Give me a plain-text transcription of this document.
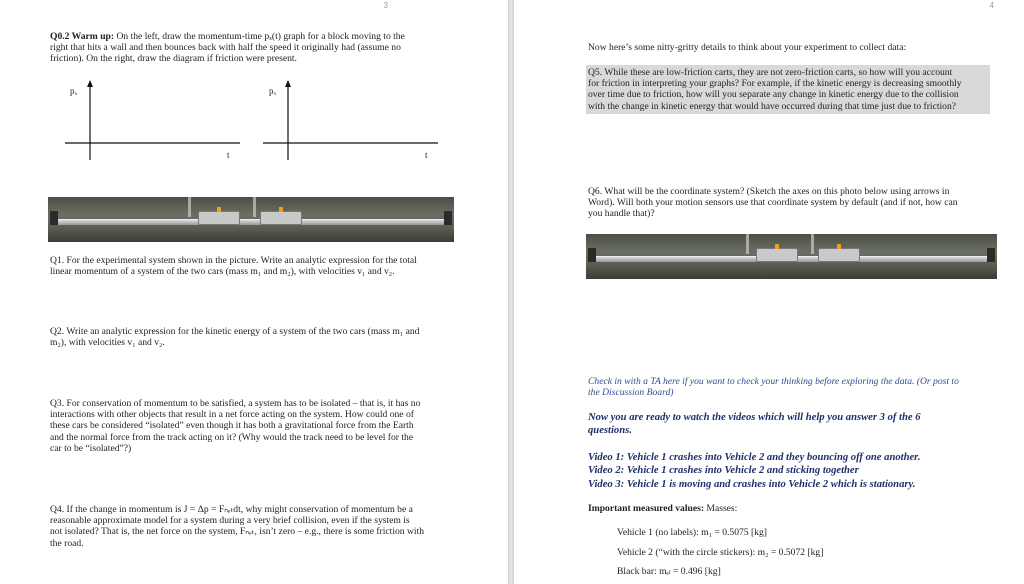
3
Q0.2 Warm up: On the left, draw the momentum-time pₓ(t) graph for a block moving to the
right that hits a wall and then bounces back with half the speed it originally had (assume no
friction). On the right, draw the diagram if friction were present.
pₓ
t
pₓ
t
Q1. For the experimental system shown in the picture. Write an analytic expression for the total
linear momentum of a system of the two cars (mass m₁ and m₂), with velocities v₁ and v₂.
Q2. Write an analytic expression for the kinetic energy of a system of the two cars (mass m₁ and
m₂), with velocities v₁ and v₂.
Q3. For conservation of momentum to be satisfied, a system has to be isolated – that is, it has no
interactions with other objects that result in a net force acting on the system. How could one of
these cars be considered “isolated” even though it has both a gravitational force from the Earth
and the normal force from the track acting on it? (Why would the track need to be level for the
car to be “isolated”?)
Q4. If the change in momentum is J = Δp = Fₙₑₜdt, why might conservation of momentum be a
reasonable approximate model for a system during a very brief collision, even if the system is
not isolated? That is, the net force on the system, Fₙₑₜ, isn’t zero – e.g., there is some friction with
the road.
4
Now here’s some nitty-gritty details to think about your experiment to collect data:
Q5. While these are low-friction carts, they are not zero-friction carts, so how will you account
for friction in interpreting your graphs? For example, if the kinetic energy is decreasing smoothly
over time due to friction, how will you separate any change in kinetic energy due to the collision
with the change in kinetic energy that would have occurred during that time just due to friction?
Q6. What will be the coordinate system? (Sketch the axes on this photo below using arrows in
Word). Will both your motion sensors use that coordinate system by default (and if not, how can
you handle that)?
Check in with a TA here if you want to check your thinking before exploring the data. (Or post to
the Discussion Board)
Now you are ready to watch the videos which will help you answer 3 of the 6
questions.
Video 1: Vehicle 1 crashes into Vehicle 2 and they bouncing off one another.
Video 2: Vehicle 1 crashes into Vehicle 2 and sticking together
Video 3: Vehicle 1 is moving and crashes into Vehicle 2 which is stationary.
Important measured values: Masses:
Vehicle 1 (no labels): m₁ = 0.5075 [kg]
Vehicle 2 (“with the circle stickers): m₂ = 0.5072 [kg]
Black bar: mₑₗ = 0.496 [kg]
